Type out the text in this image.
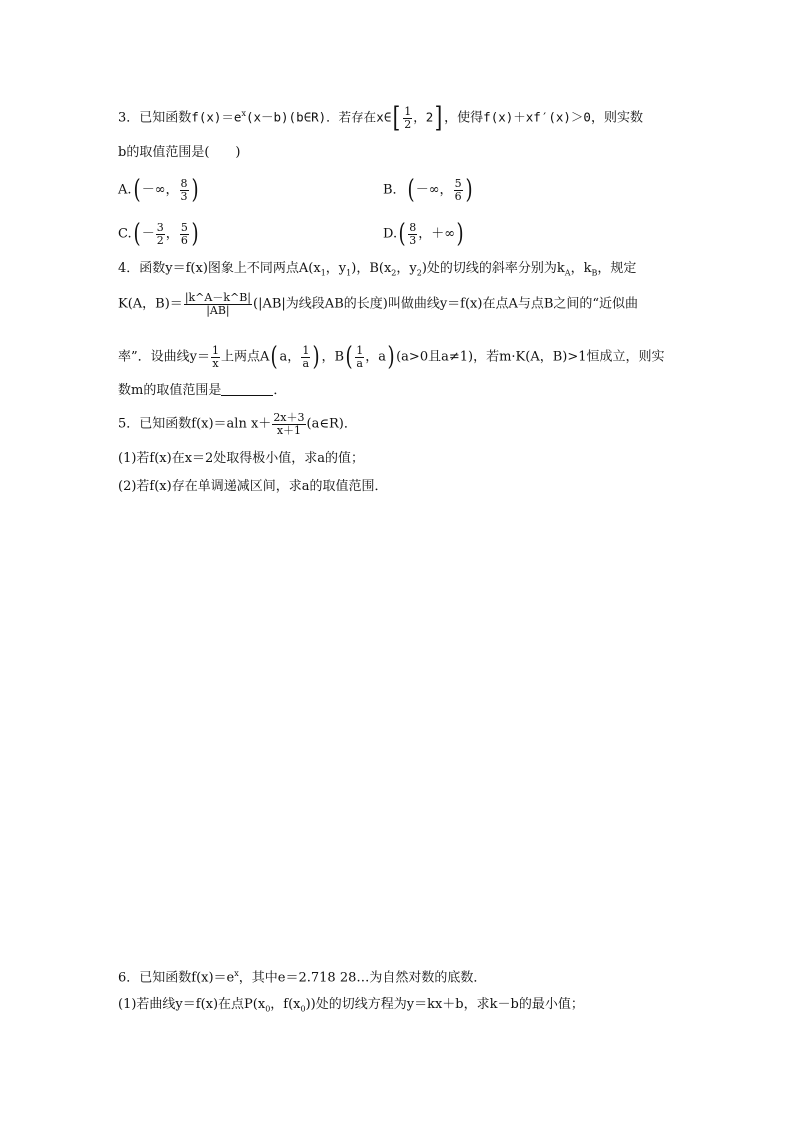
3．已知函数$f(x)=e^x(x-b)(b\in R)$．若存在x∈[ $\frac{1}{2}$ ，2] ，使得f(x)＋xf′(x)＞0，则实数
b的取值范围是(　　)
A.( －∞， $\frac{8}{3}$ )	B．( －∞， $\frac{5}{6}$ )
$C.( - \frac{3}{2}$ ， $\frac{5}{6}$ )	$D.( \frac{8}{3}$ ，＋∞)
4．函数y＝f(x)图象上不同两点$A(x_1$，$y_1$)，$B(x_2$，$y_2$)处的切线的斜率分别为$k_A$，$k_B$，规定
K(A，$B)= \frac{|k\^{}A-k\^{}B|}{|AB|} (|AB|$为线段AB的长度)叫做曲线y＝f(x)在点A与点B之间的“近似曲
率”．设曲线$y= \frac{1}{x}$ 上两点A( a， $\frac{1}{a}$ ) ，$B( \frac{1}{a}$ ，a) (a>0且a≠1)，若m·K(A，B)>1恒成立，则实
数m的取值范围是	．
5．已知函数f(x)＝aln $x+ \frac{2x+3}{x+1}$ (a∈R)．
(1)若f(x)在x＝2处取得极小值，求a的值；
(2)若f(x)存在单调递减区间，求a的取值范围．
6．已知函数$f(x)=e^x$，其中e＝2.718 28…为自然对数的底数．
(1)若曲线y＝f(x)在点$P(x_0$，$f(x_0)$)处的切线方程为y＝kx＋b，求k－b的最小值；
